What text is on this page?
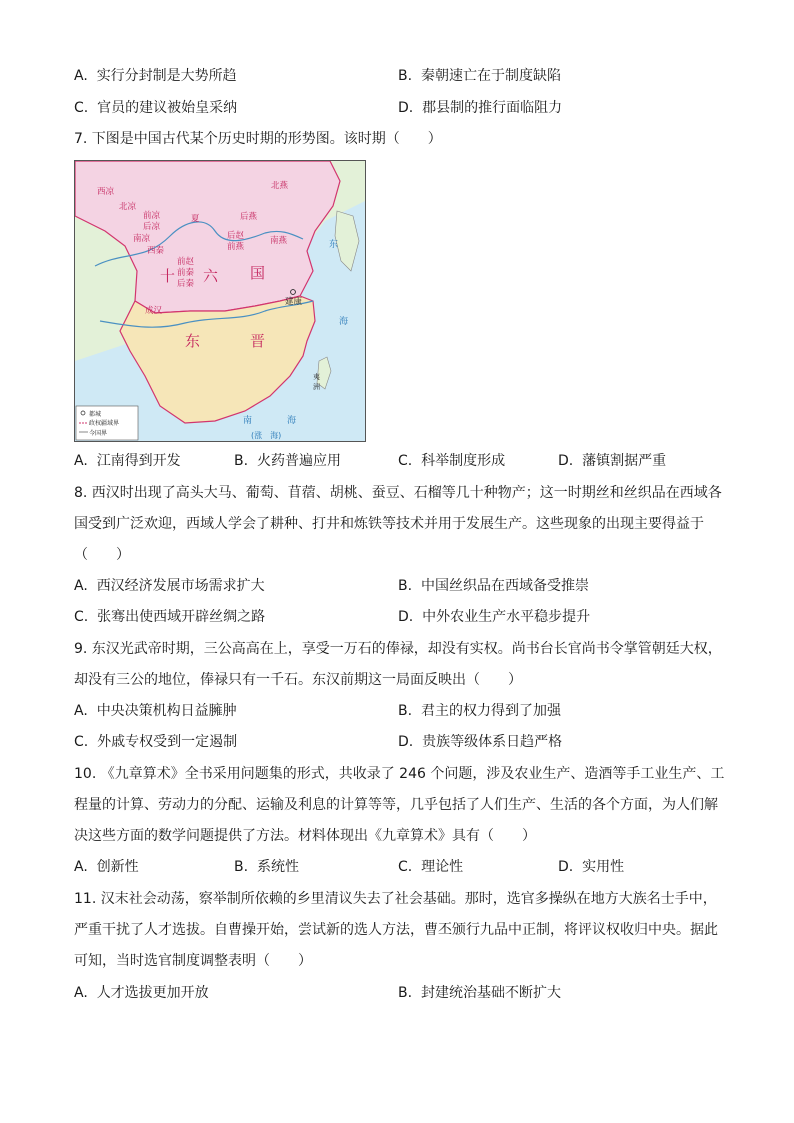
A. 实行分封制是大势所趋	B. 秦朝速亡在于制度缺陷
C. 官员的建议被始皇采纳	D. 郡县制的推行面临阻力
7. 下图是中国古代某个历史时期的形势图。该时期（　　）
西凉
北凉
前凉
后凉
南凉
西秦
夏	后燕
后赵
前燕
北燕
南燕
前赵
前秦
后秦
十 六 国
成汉
建康
东	晋
东
海
夷
洲
南	海
(涨　海)
都城
政权疆域界
今国界
A. 江南得到开发	B. 火药普遍应用	C. 科举制度形成	D. 藩镇割据严重
8. 西汉时出现了高头大马、葡萄、苜蓿、胡桃、蚕豆、石榴等几十种物产；这一时期丝和丝织品在西域各
国受到广泛欢迎，西域人学会了耕种、打井和炼铁等技术并用于发展生产。这些现象的出现主要得益于
（　　）
A. 西汉经济发展市场需求扩大	B. 中国丝织品在西域备受推崇
C. 张骞出使西域开辟丝绸之路	D. 中外农业生产水平稳步提升
9. 东汉光武帝时期，三公高高在上，享受一万石的俸禄，却没有实权。尚书台长官尚书令掌管朝廷大权，
却没有三公的地位，俸禄只有一千石。东汉前期这一局面反映出（　　）
A. 中央决策机构日益臃肿	B. 君主的权力得到了加强
C. 外戚专权受到一定遏制	D. 贵族等级体系日趋严格
10. 《九章算术》全书采用问题集的形式，共收录了 246 个问题，涉及农业生产、造酒等手工业生产、工
程量的计算、劳动力的分配、运输及利息的计算等等，几乎包括了人们生产、生活的各个方面，为人们解
决这些方面的数学问题提供了方法。材料体现出《九章算术》具有（　　）
A. 创新性	B. 系统性	C. 理论性	D. 实用性
11. 汉末社会动荡，察举制所依赖的乡里清议失去了社会基础。那时，选官多操纵在地方大族名士手中，
严重干扰了人才选拔。自曹操开始，尝试新的选人方法，曹丕颁行九品中正制，将评议权收归中央。据此
可知，当时选官制度调整表明（　　）
A. 人才选拔更加开放	B. 封建统治基础不断扩大
